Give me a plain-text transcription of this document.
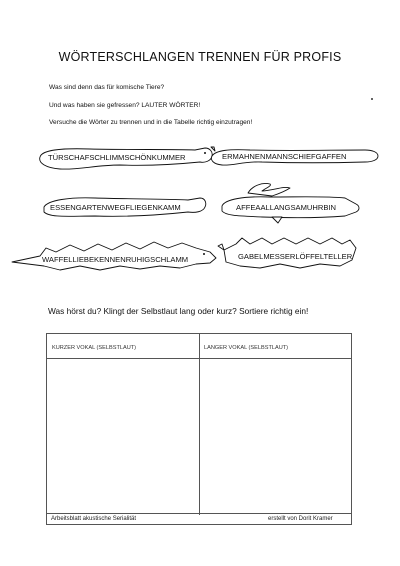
WÖRTERSCHLANGEN TRENNEN FÜR PROFIS
Was sind denn das für komische Tiere?
Und was haben sie gefressen? LAUTER WÖRTER!
Versuche die Wörter zu trennen und in die Tabelle richtig einzutragen!
TÜRSCHAFSCHLIMMSCHÖNKUMMER	ERMAHNENMANNSCHIEFGAFFEN
ESSENGARTENWEGFLIEGENKAMM	AFFEAALLANGSAMUHRBIN
WAFFELLIEBEKENNENRUHIGSCHLAMM	GABELMESSERLÖFFELTELLER
Was hörst du? Klingt der Selbstlaut lang oder kurz? Sortiere richtig ein!
KURZER VOKAL (SELBSTLAUT)	LANGER VOKAL (SELBSTLAUT)
Arbeitsblatt akustische Serialität	erstellt von Dorit Kramer
